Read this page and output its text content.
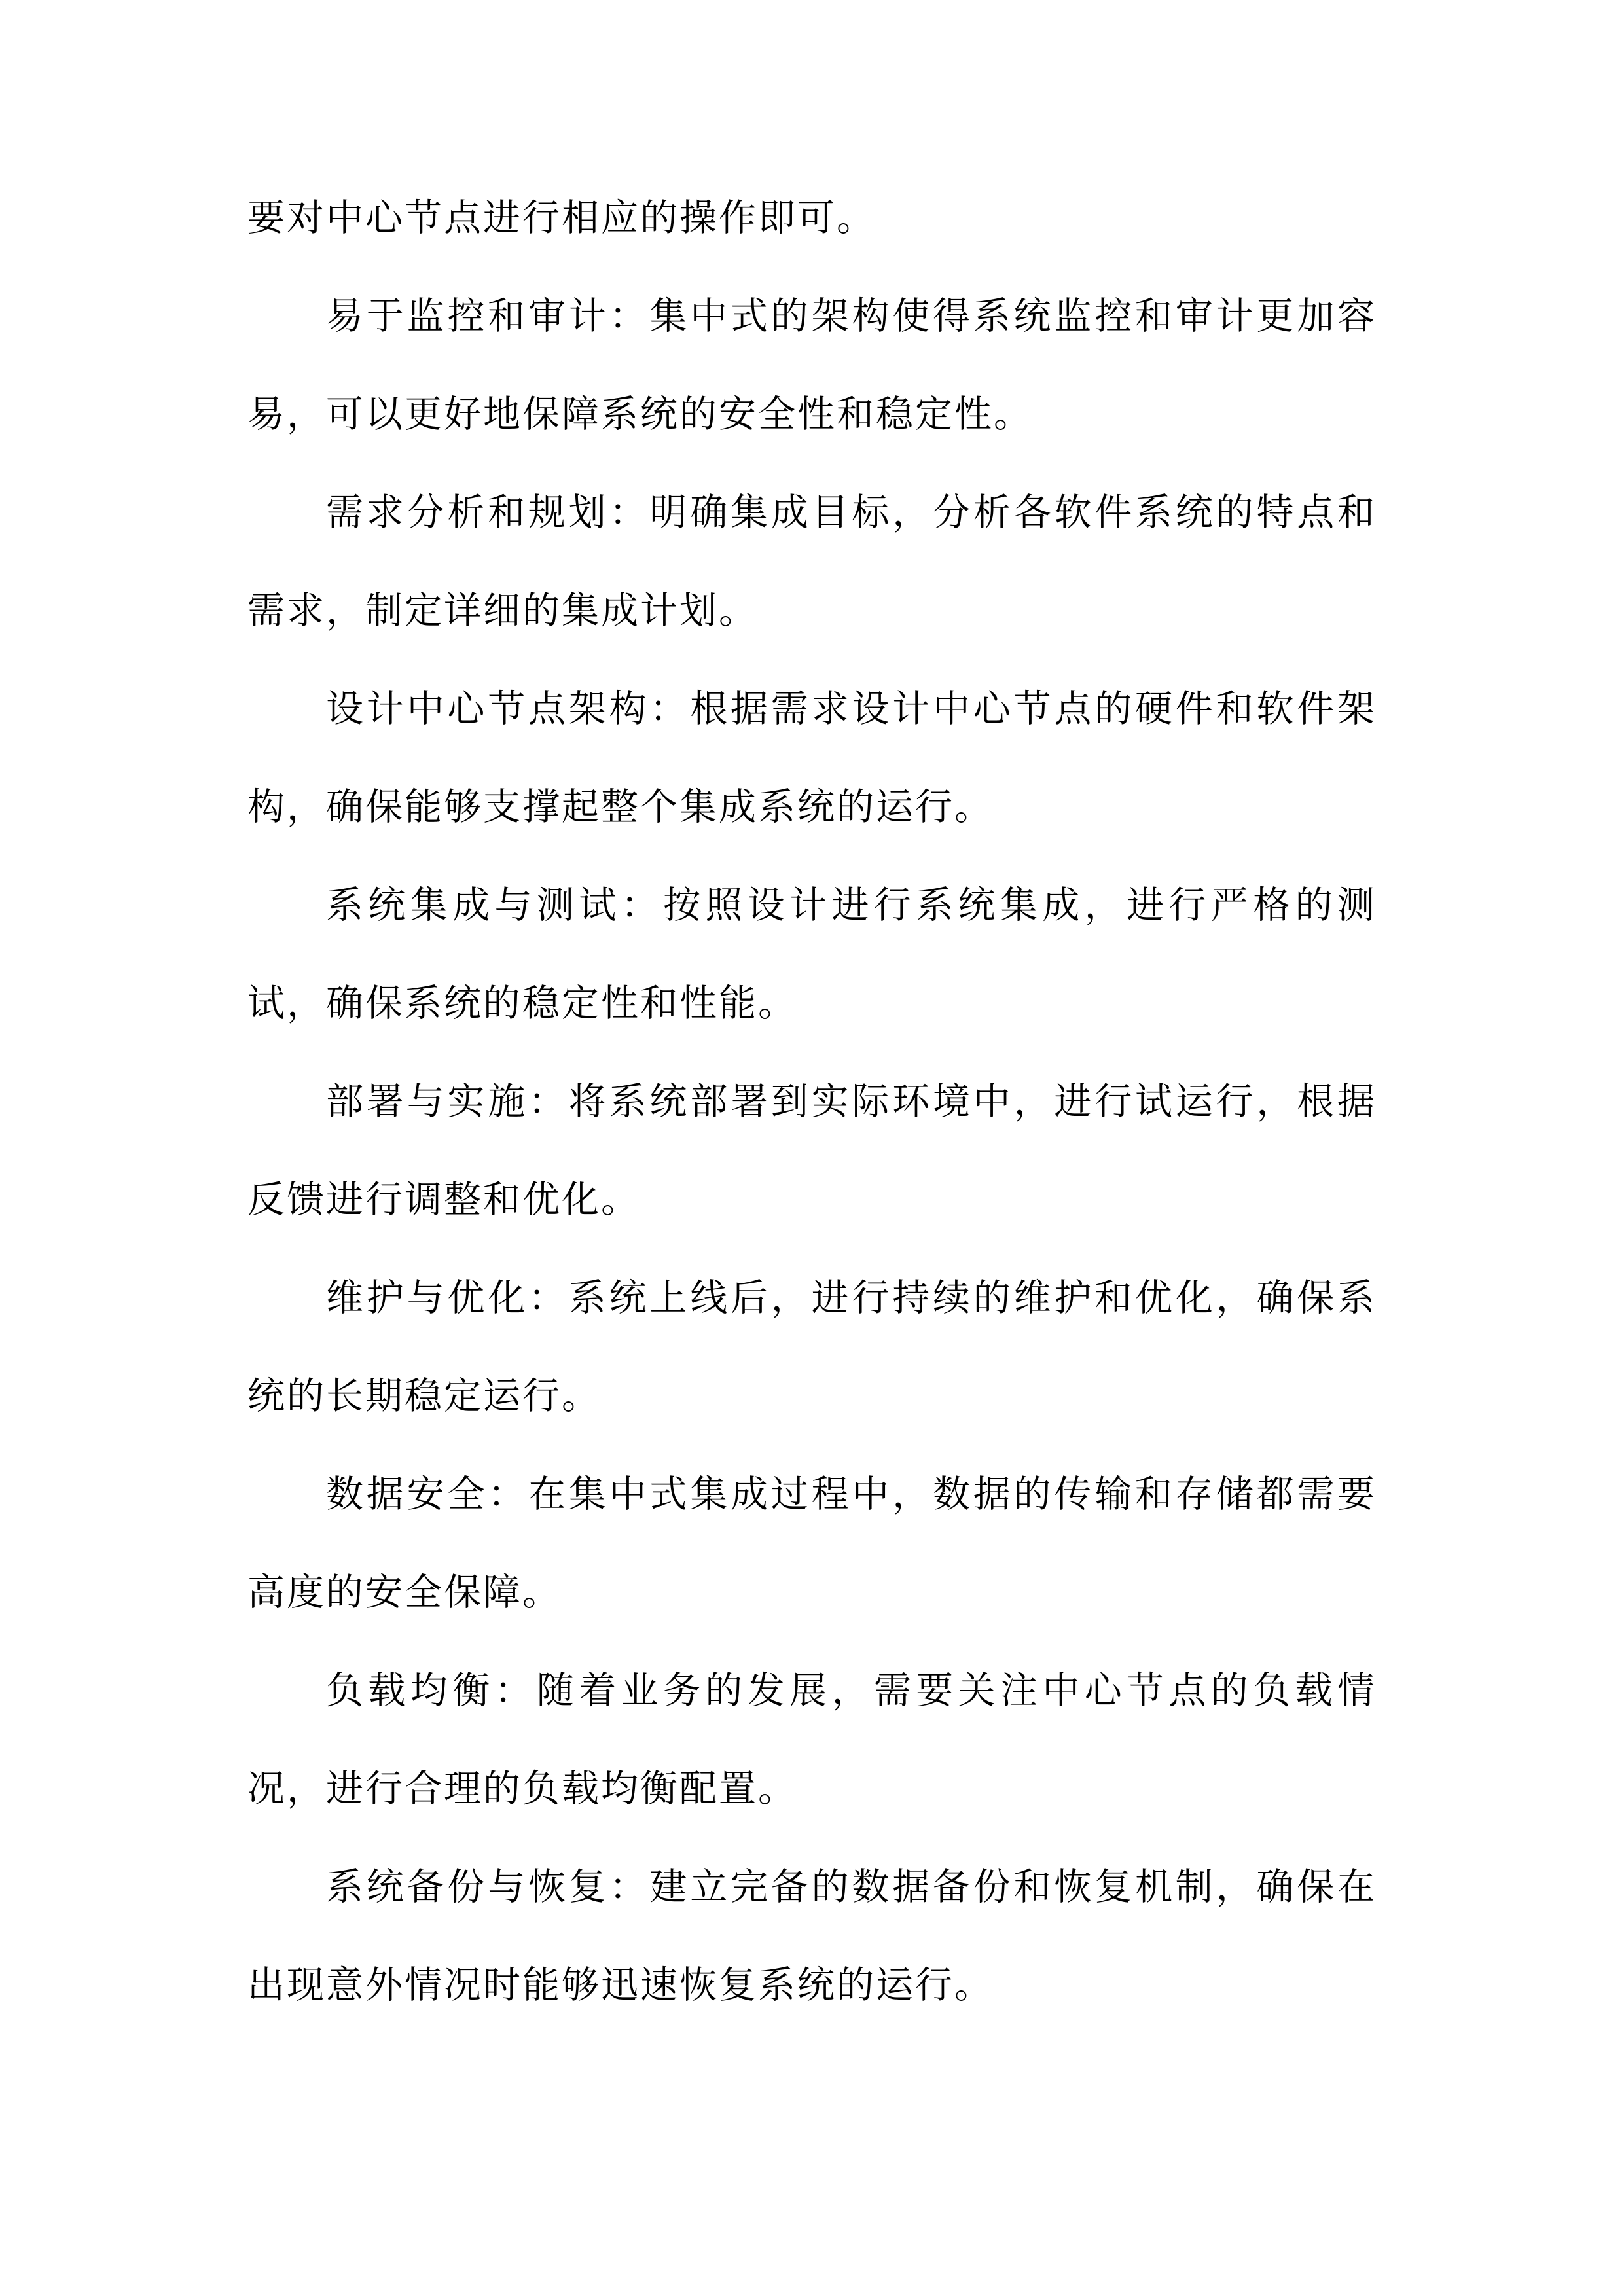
要对中心节点进行相应的操作即可。

易于监控和审计：集中式的架构使得系统监控和审计更加容易，可以更好地保障系统的安全性和稳定性。

需求分析和规划：明确集成目标，分析各软件系统的特点和需求，制定详细的集成计划。

设计中心节点架构：根据需求设计中心节点的硬件和软件架构，确保能够支撑起整个集成系统的运行。

系统集成与测试：按照设计进行系统集成，进行严格的测试，确保系统的稳定性和性能。

部署与实施：将系统部署到实际环境中，进行试运行，根据反馈进行调整和优化。

维护与优化：系统上线后，进行持续的维护和优化，确保系统的长期稳定运行。

数据安全：在集中式集成过程中，数据的传输和存储都需要高度的安全保障。

负载均衡：随着业务的发展，需要关注中心节点的负载情况，进行合理的负载均衡配置。

系统备份与恢复：建立完备的数据备份和恢复机制，确保在出现意外情况时能够迅速恢复系统的运行。
